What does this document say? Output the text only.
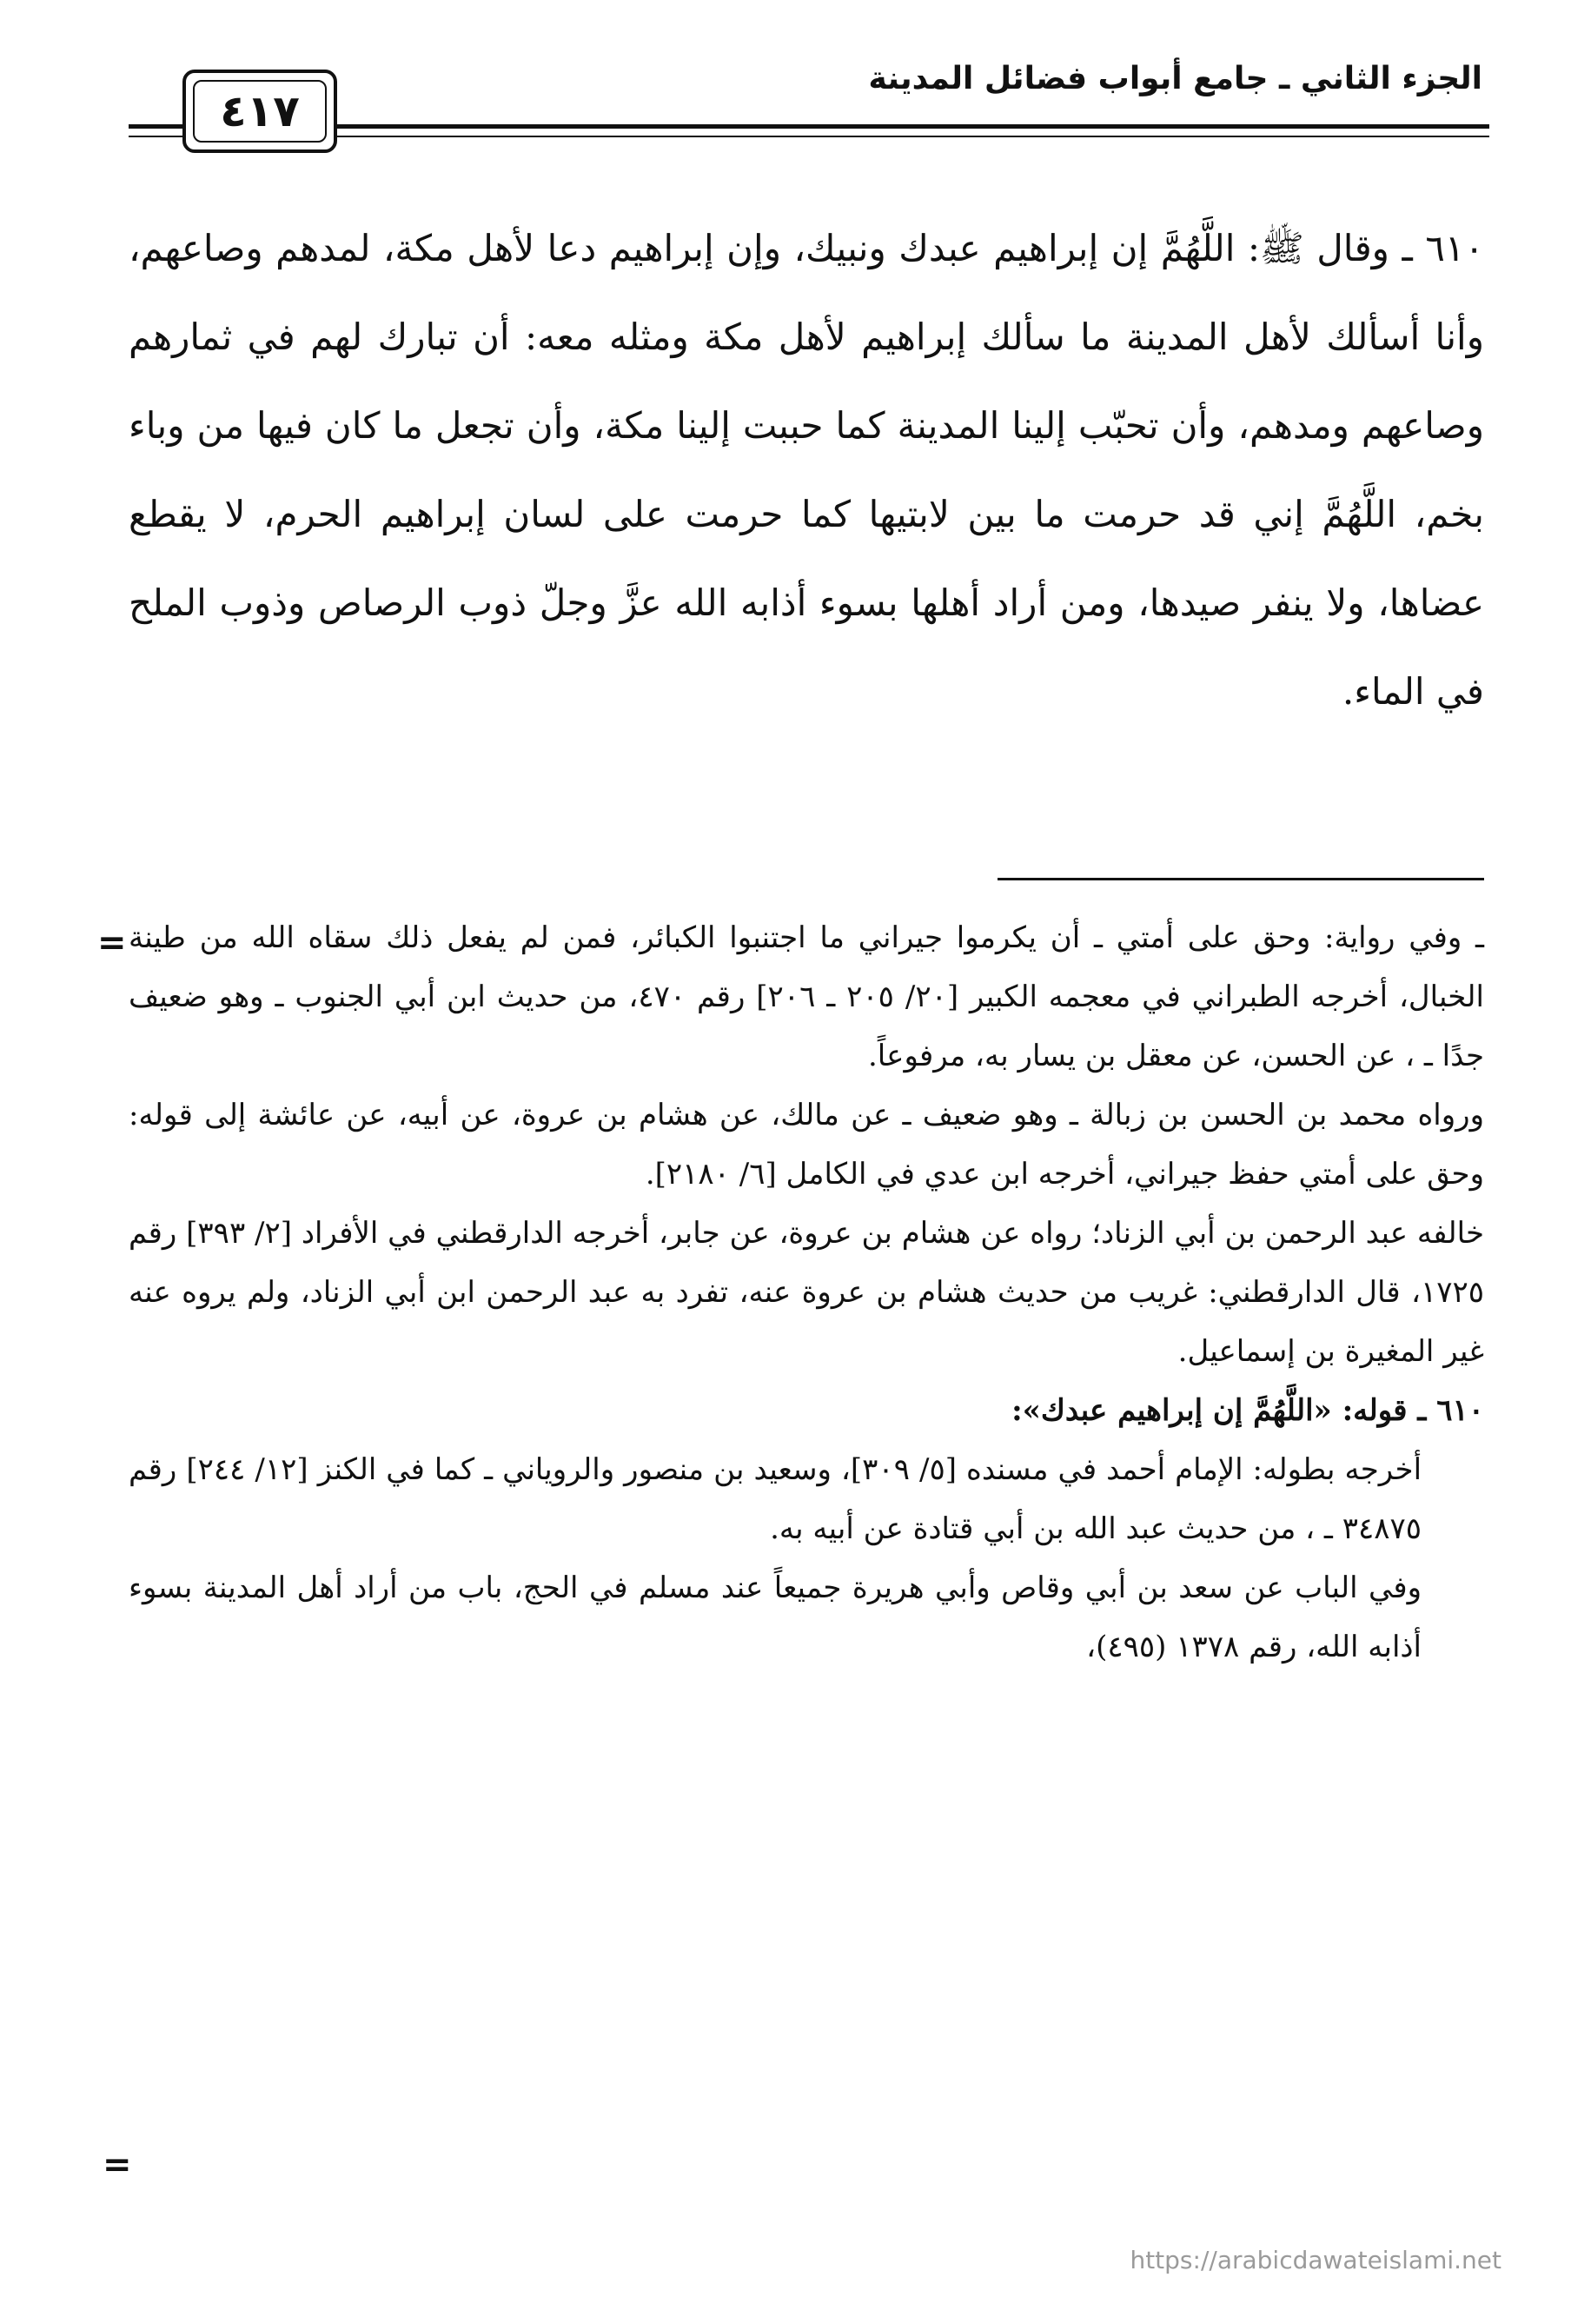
الجزء الثاني ـ جامع أبواب فضائل المدينة
٤١٧

٦١٠ ـ وقال ﷺ: اللَّهُمَّ إن إبراهيم عبدك ونبيك، وإن إبراهيم دعا لأهل مكة، لمدهم وصاعهم، وأنا أسألك لأهل المدينة ما سألك إبراهيم لأهل مكة ومثله معه: أن تبارك لهم في ثمارهم وصاعهم ومدهم، وأن تحبّب إلينا المدينة كما حببت إلينا مكة، وأن تجعل ما كان فيها من وباء بخم، اللَّهُمَّ إني قد حرمت ما بين لابتيها كما حرمت على لسان إبراهيم الحرم، لا يقطع عضاها، ولا ينفر صيدها، ومن أراد أهلها بسوء أذابه الله عزَّ وجلّ ذوب الرصاص وذوب الملح في الماء.

= ـ وفي رواية: وحق على أمتي ـ أن يكرموا جيراني ما اجتنبوا الكبائر، فمن لم يفعل ذلك سقاه الله من طينة الخبال، أخرجه الطبراني في معجمه الكبير [٢٠/ ٢٠٥ ـ ٢٠٦] رقم ٤٧٠، من حديث ابن أبي الجنوب ـ وهو ضعيف جدًا ـ ، عن الحسن، عن معقل بن يسار به، مرفوعاً.

ورواه محمد بن الحسن بن زبالة ـ وهو ضعيف ـ عن مالك، عن هشام بن عروة، عن أبيه، عن عائشة إلى قوله: وحق على أمتي حفظ جيراني، أخرجه ابن عدي في الكامل [٦/ ٢١٨٠].

خالفه عبد الرحمن بن أبي الزناد؛ رواه عن هشام بن عروة، عن جابر، أخرجه الدارقطني في الأفراد [٢/ ٣٩٣] رقم ١٧٢٥، قال الدارقطني: غريب من حديث هشام بن عروة عنه، تفرد به عبد الرحمن ابن أبي الزناد، ولم يروه عنه غير المغيرة بن إسماعيل.

٦١٠ ـ قوله: «اللَّهُمَّ إن إبراهيم عبدك»:

أخرجه بطوله: الإمام أحمد في مسنده [٥/ ٣٠٩]، وسعيد بن منصور والروياني ـ كما في الكنز [١٢/ ٢٤٤] رقم ٣٤٨٧٥ ـ ، من حديث عبد الله بن أبي قتادة عن أبيه به.

وفي الباب عن سعد بن أبي وقاص وأبي هريرة جميعاً عند مسلم في الحج، باب من أراد أهل المدينة بسوء أذابه الله، رقم ١٣٧٨ (٤٩٥)،

=
https://arabicdawateislami.net
